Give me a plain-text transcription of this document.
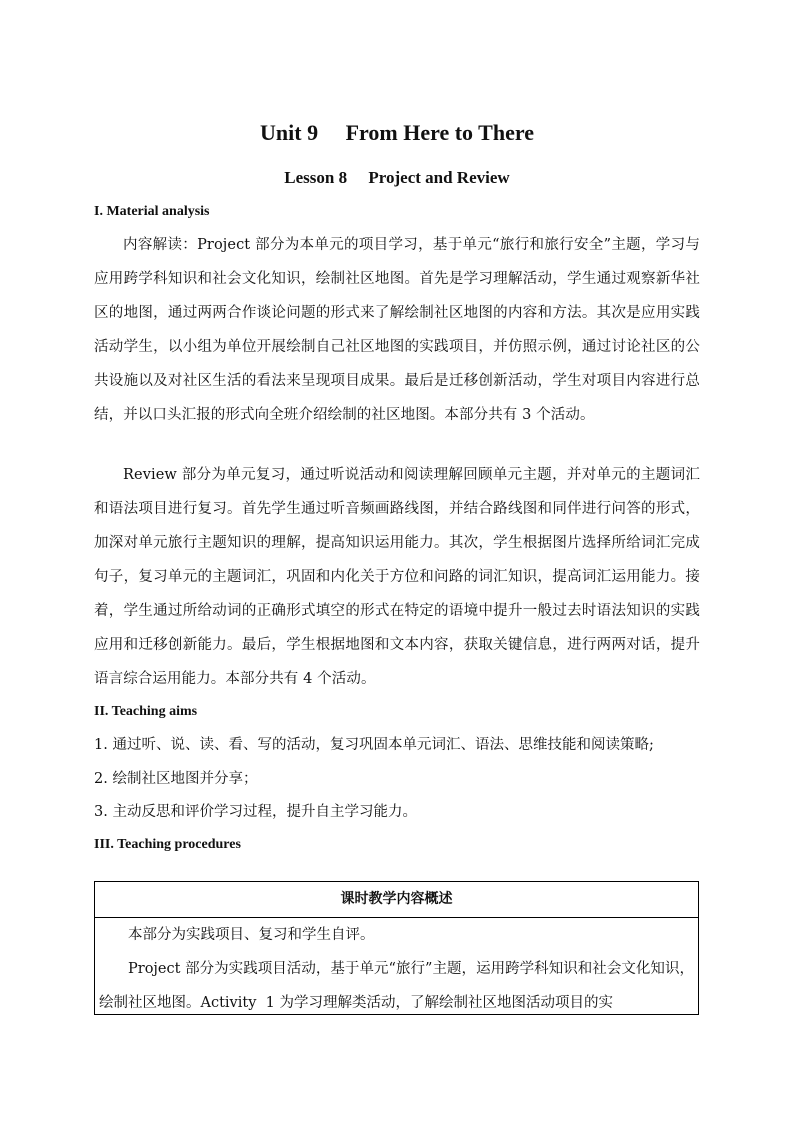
Unit 9　 From Here to There
Lesson 8　 Project and Review
I. Material analysis
内容解读：Project 部分为本单元的项目学习，基于单元“旅行和旅行安全”主题，学习与应用跨学科知识和社会文化知识，绘制社区地图。首先是学习理解活动，学生通过观察新华社区的地图，通过两两合作谈论问题的形式来了解绘制社区地图的内容和方法。其次是应用实践活动学生，以小组为单位开展绘制自己社区地图的实践项目，并仿照示例，通过讨论社区的公共设施以及对社区生活的看法来呈现项目成果。最后是迁移创新活动，学生对项目内容进行总结，并以口头汇报的形式向全班介绍绘制的社区地图。本部分共有 3 个活动。
Review 部分为单元复习，通过听说活动和阅读理解回顾单元主题，并对单元的主题词汇和语法项目进行复习。首先学生通过听音频画路线图，并结合路线图和同伴进行问答的形式，加深对单元旅行主题知识的理解，提高知识运用能力。其次，学生根据图片选择所给词汇完成句子，复习单元的主题词汇，巩固和内化关于方位和问路的词汇知识，提高词汇运用能力。接着，学生通过所给动词的正确形式填空的形式在特定的语境中提升一般过去时语法知识的实践应用和迁移创新能力。最后，学生根据地图和文本内容，获取关键信息，进行两两对话，提升语言综合运用能力。本部分共有 4 个活动。
II. Teaching aims
1. 通过听、说、读、看、写的活动，复习巩固本单元词汇、语法、思维技能和阅读策略;
2. 绘制社区地图并分享；
3. 主动反思和评价学习过程，提升自主学习能力。
III. Teaching procedures
课时教学内容概述
本部分为实践项目、复习和学生自评。
Project 部分为实践项目活动，基于单元“旅行”主题，运用跨学科知识和社会文化知识，绘制社区地图。Activity  1 为学习理解类活动，了解绘制社区地图活动项目的实
